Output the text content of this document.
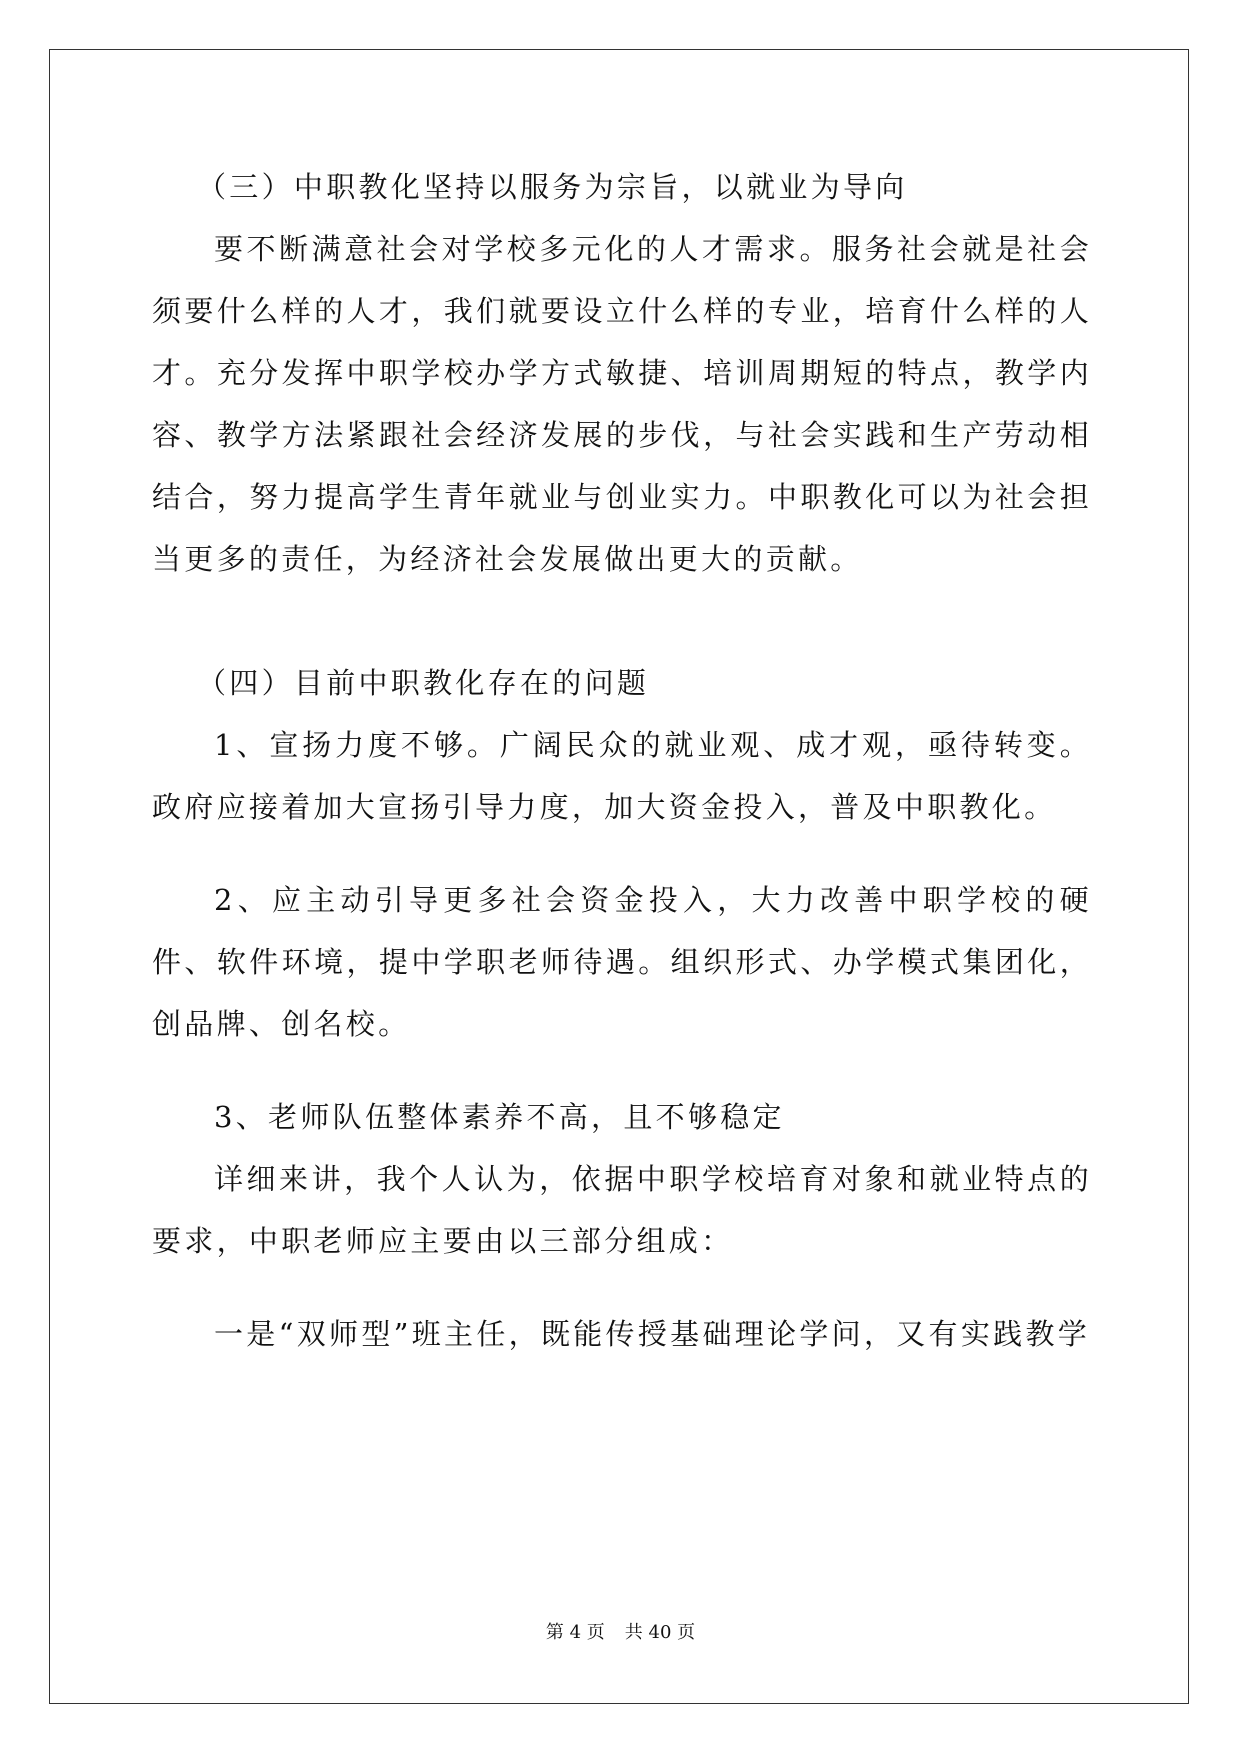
（三）中职教化坚持以服务为宗旨，以就业为导向

要不断满意社会对学校多元化的人才需求。服务社会就是社会须要什么样的人才，我们就要设立什么样的专业，培育什么样的人才。充分发挥中职学校办学方式敏捷、培训周期短的特点，教学内容、教学方法紧跟社会经济发展的步伐，与社会实践和生产劳动相结合，努力提高学生青年就业与创业实力。中职教化可以为社会担当更多的责任，为经济社会发展做出更大的贡献。

（四）目前中职教化存在的问题

1、宣扬力度不够。广阔民众的就业观、成才观，亟待转变。政府应接着加大宣扬引导力度，加大资金投入，普及中职教化。

2、应主动引导更多社会资金投入，大力改善中职学校的硬件、软件环境，提中学职老师待遇。组织形式、办学模式集团化，创品牌、创名校。

3、老师队伍整体素养不高，且不够稳定

详细来讲，我个人认为，依据中职学校培育对象和就业特点的要求，中职老师应主要由以三部分组成：

一是“双师型”班主任，既能传授基础理论学问，又有实践教学

第 4 页 共 40 页
